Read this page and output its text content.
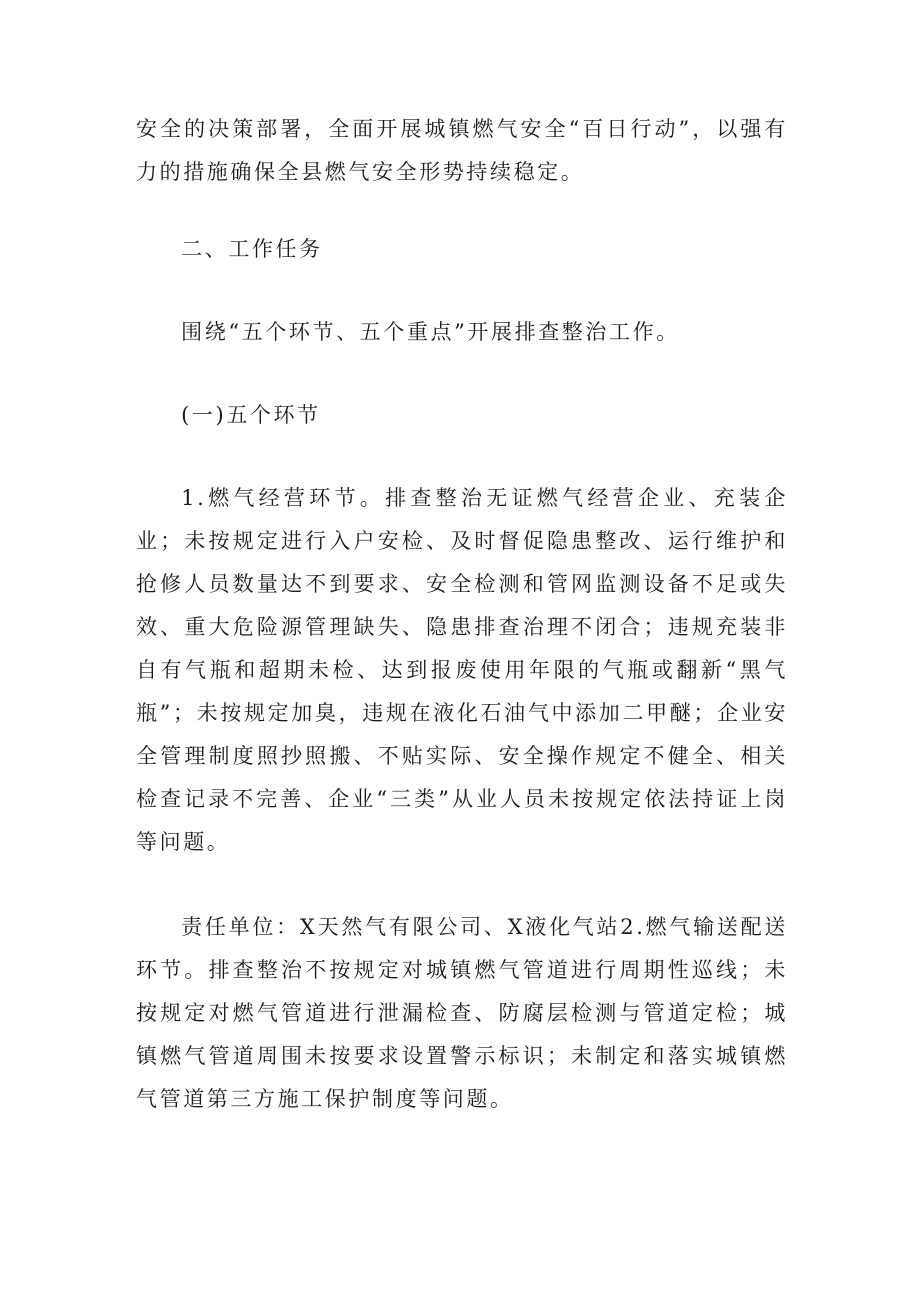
安全的决策部署，全面开展城镇燃气安全“百日行动”，以强有力的措施确保全县燃气安全形势持续稳定。

二、工作任务

围绕“五个环节、五个重点”开展排查整治工作。

(一)五个环节

1.燃气经营环节。排查整治无证燃气经营企业、充装企业；未按规定进行入户安检、及时督促隐患整改、运行维护和抢修人员数量达不到要求、安全检测和管网监测设备不足或失效、重大危险源管理缺失、隐患排查治理不闭合；违规充装非自有气瓶和超期未检、达到报废使用年限的气瓶或翻新“黑气瓶”；未按规定加臭，违规在液化石油气中添加二甲醚；企业安全管理制度照抄照搬、不贴实际、安全操作规定不健全、相关检查记录不完善、企业“三类”从业人员未按规定依法持证上岗等问题。

责任单位：X天然气有限公司、X液化气站2.燃气输送配送环节。排查整治不按规定对城镇燃气管道进行周期性巡线；未按规定对燃气管道进行泄漏检查、防腐层检测与管道定检；城镇燃气管道周围未按要求设置警示标识；未制定和落实城镇燃气管道第三方施工保护制度等问题。
